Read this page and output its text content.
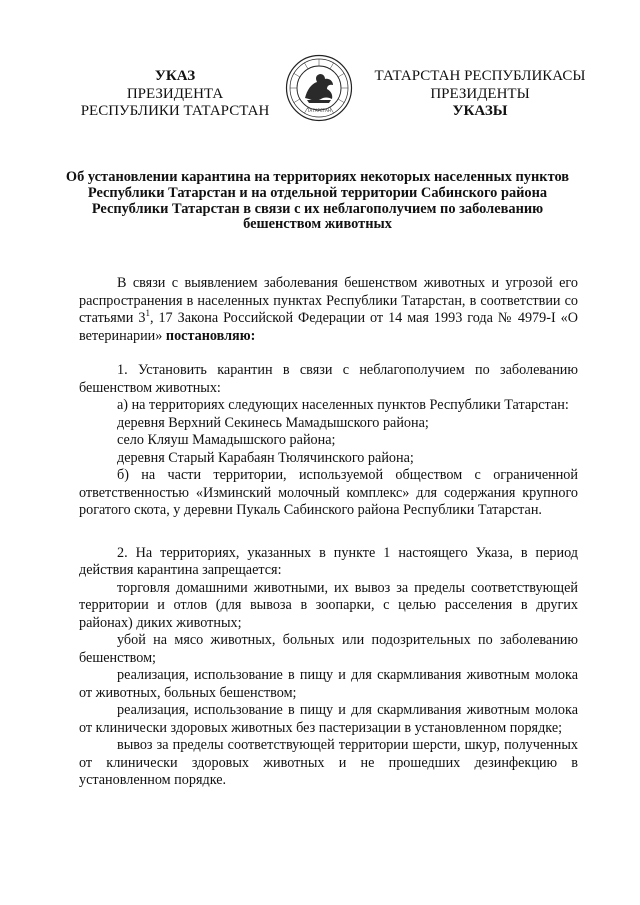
УКАЗ
ПРЕЗИДЕНТА
РЕСПУБЛИКИ ТАТАРСТАН	ТАТАРСТАН
ТАТАРСТАН РЕСПУБЛИКАСЫ
ПРЕЗИДЕНТЫ
УКАЗЫ
Об установлении карантина на территориях некоторых населенных пунктов Республики Татарстан и на отдельной территории Сабинского района Республики Татарстан в связи с их неблагополучием по заболеванию бешенством животных

В связи с выявлением заболевания бешенством животных и угрозой его распространения в населенных пунктах Республики Татарстан, в соответствии со статьями $3^1$, 17 Закона Российской Федерации от 14 мая 1993 года № 4979-I «О ветеринарии» постановляю:

1. Установить карантин в связи с неблагополучием по заболеванию бешенством животных:

а) на территориях следующих населенных пунктов Республики Татарстан:

деревня Верхний Секинесь Мамадышского района;

село Кляуш Мамадышского района;

деревня Старый Карабаян Тюлячинского района;

б) на части территории, используемой обществом с ограниченной ответственностью «Изминский молочный комплекс» для содержания крупного рогатого скота, у деревни Пукаль Сабинского района Республики Татарстан.

2. На территориях, указанных в пункте 1 настоящего Указа, в период действия карантина запрещается:

торговля домашними животными, их вывоз за пределы соответствующей территории и отлов (для вывоза в зоопарки, с целью расселения в других районах) диких животных;

убой на мясо животных, больных или подозрительных по заболеванию бешенством;

реализация, использование в пищу и для скармливания животным молока от животных, больных бешенством;

реализация, использование в пищу и для скармливания животным молока от клинически здоровых животных без пастеризации в установленном порядке;

вывоз за пределы соответствующей территории шерсти, шкур, полученных от клинически здоровых животных и не прошедших дезинфекцию в установленном порядке.
